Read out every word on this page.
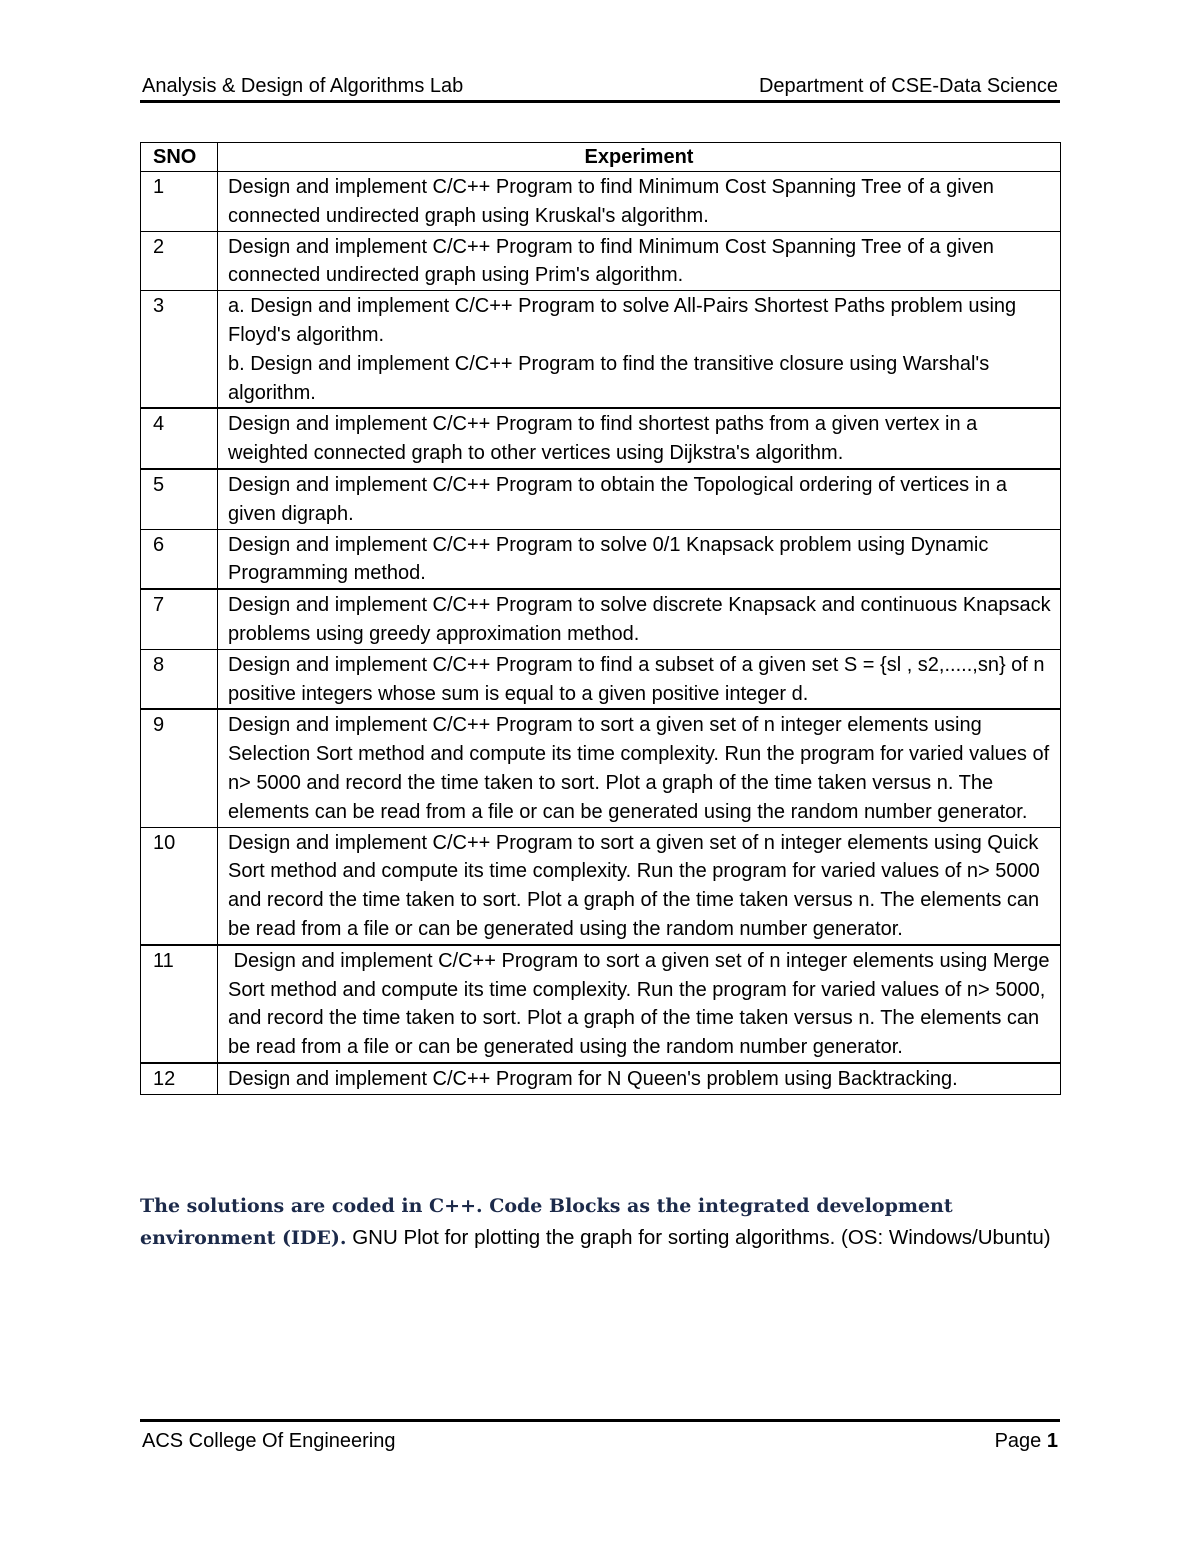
Analysis & Design of Algorithms Lab	Department of CSE-Data Science
SNO	Experiment
1	Design and implement C/C++ Program to find Minimum Cost Spanning Tree of a given connected undirected graph using Kruskal's algorithm.
2	Design and implement C/C++ Program to find Minimum Cost Spanning Tree of a given connected undirected graph using Prim's algorithm.
3	a. Design and implement C/C++ Program to solve All-Pairs Shortest Paths problem using Floyd's algorithm.
b. Design and implement C/C++ Program to find the transitive closure using Warshal's algorithm.

4	Design and implement C/C++ Program to find shortest paths from a given vertex in a weighted connected graph to other vertices using Dijkstra's algorithm.
5	Design and implement C/C++ Program to obtain the Topological ordering of vertices in a given digraph.
6	Design and implement C/C++ Program to solve 0/1 Knapsack problem using Dynamic Programming method.
7	Design and implement C/C++ Program to solve discrete Knapsack and continuous Knapsack problems using greedy approximation method.
8	Design and implement C/C++ Program to find a subset of a given set S = {sl , s2,.....,sn} of n positive integers whose sum is equal to a given positive integer d.
9	Design and implement C/C++ Program to sort a given set of n integer elements using Selection Sort method and compute its time complexity. Run the program for varied values of n> 5000 and record the time taken to sort. Plot a graph of the time taken versus n. The elements can be read from a file or can be generated using the random number generator.
10	Design and implement C/C++ Program to sort a given set of n integer elements using Quick Sort method and compute its time complexity. Run the program for varied values of n> 5000 and record the time taken to sort. Plot a graph of the time taken versus n. The elements can be read from a file or can be generated using the random number generator.
11	Design and implement C/C++ Program to sort a given set of n integer elements using Merge Sort method and compute its time complexity. Run the program for varied values of n> 5000, and record the time taken to sort. Plot a graph of the time taken versus n. The elements can be read from a file or can be generated using the random number generator.
12	Design and implement C/C++ Program for N Queen's problem using Backtracking.
The solutions are coded in C++. Code Blocks as the integrated development environment (IDE). GNU Plot for plotting the graph for sorting algorithms. (OS: Windows/Ubuntu)
ACS College Of Engineering	Page 1
